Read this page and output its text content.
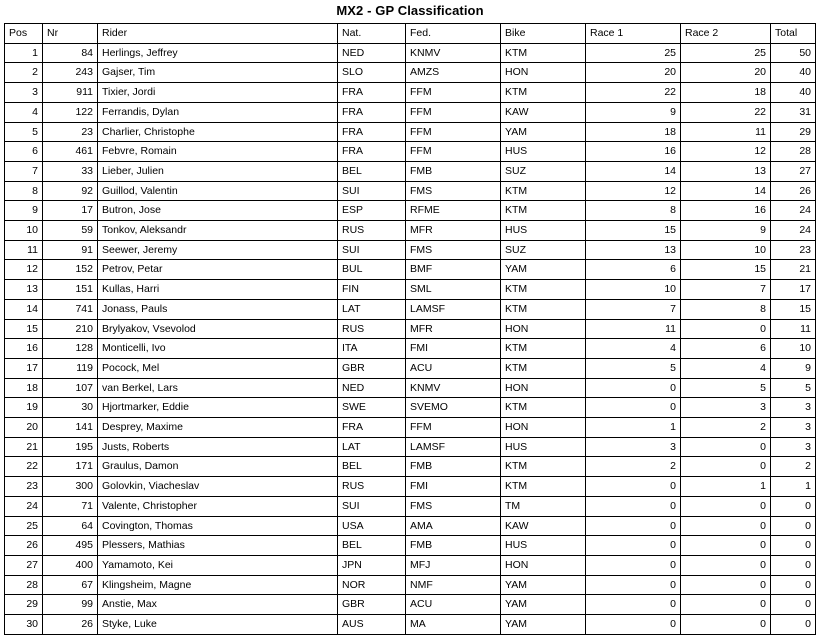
MX2 - GP Classification
Pos	Nr	Rider	Nat.	Fed.	Bike	Race 1	Race 2	Total
1	84	Herlings, Jeffrey	NED	KNMV	KTM	25	25	50
2	243	Gajser, Tim	SLO	AMZS	HON	20	20	40
3	911	Tixier, Jordi	FRA	FFM	KTM	22	18	40
4	122	Ferrandis, Dylan	FRA	FFM	KAW	9	22	31
5	23	Charlier, Christophe	FRA	FFM	YAM	18	11	29
6	461	Febvre, Romain	FRA	FFM	HUS	16	12	28
7	33	Lieber, Julien	BEL	FMB	SUZ	14	13	27
8	92	Guillod, Valentin	SUI	FMS	KTM	12	14	26
9	17	Butron, Jose	ESP	RFME	KTM	8	16	24
10	59	Tonkov, Aleksandr	RUS	MFR	HUS	15	9	24
11	91	Seewer, Jeremy	SUI	FMS	SUZ	13	10	23
12	152	Petrov, Petar	BUL	BMF	YAM	6	15	21
13	151	Kullas, Harri	FIN	SML	KTM	10	7	17
14	741	Jonass, Pauls	LAT	LAMSF	KTM	7	8	15
15	210	Brylyakov, Vsevolod	RUS	MFR	HON	11	0	11
16	128	Monticelli, Ivo	ITA	FMI	KTM	4	6	10
17	119	Pocock, Mel	GBR	ACU	KTM	5	4	9
18	107	van Berkel, Lars	NED	KNMV	HON	0	5	5
19	30	Hjortmarker, Eddie	SWE	SVEMO	KTM	0	3	3
20	141	Desprey, Maxime	FRA	FFM	HON	1	2	3
21	195	Justs, Roberts	LAT	LAMSF	HUS	3	0	3
22	171	Graulus, Damon	BEL	FMB	KTM	2	0	2
23	300	Golovkin, Viacheslav	RUS	FMI	KTM	0	1	1
24	71	Valente, Christopher	SUI	FMS	TM	0	0	0
25	64	Covington, Thomas	USA	AMA	KAW	0	0	0
26	495	Plessers, Mathias	BEL	FMB	HUS	0	0	0
27	400	Yamamoto, Kei	JPN	MFJ	HON	0	0	0
28	67	Klingsheim, Magne	NOR	NMF	YAM	0	0	0
29	99	Anstie, Max	GBR	ACU	YAM	0	0	0
30	26	Styke, Luke	AUS	MA	YAM	0	0	0
